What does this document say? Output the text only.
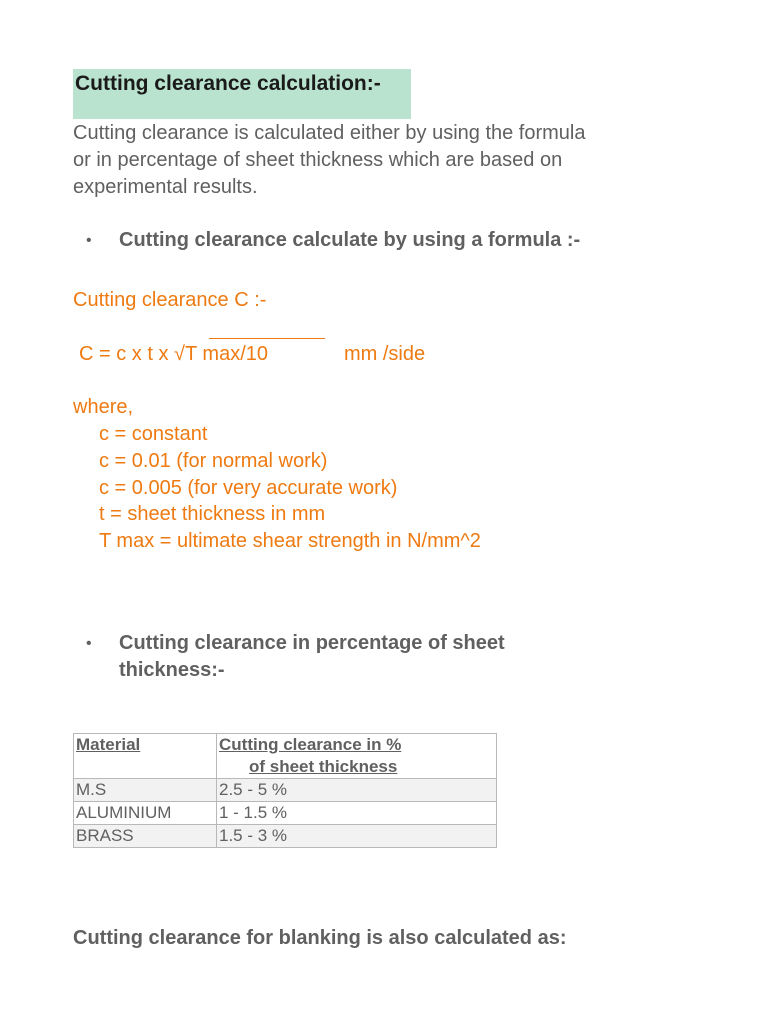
Cutting clearance calculation:-
Cutting clearance is calculated either by using the formula
or in percentage of sheet thickness which are based on
experimental results.
• Cutting clearance calculate by using a formula :-
Cutting clearance C :-
C = c x t x √T max/10	mm /side
where,
c = constant
c = 0.01 (for normal work)
c = 0.005 (for very accurate work)
t = sheet thickness in mm
T max = ultimate shear strength in N/mm^2
• Cutting clearance in percentage of sheet
thickness:-
Material	Cutting clearance in %
of sheet thickness

M.S	2.5 - 5 %
ALUMINIUM	1 - 1.5 %
BRASS	1.5 - 3 %
Cutting clearance for blanking is also calculated as:
